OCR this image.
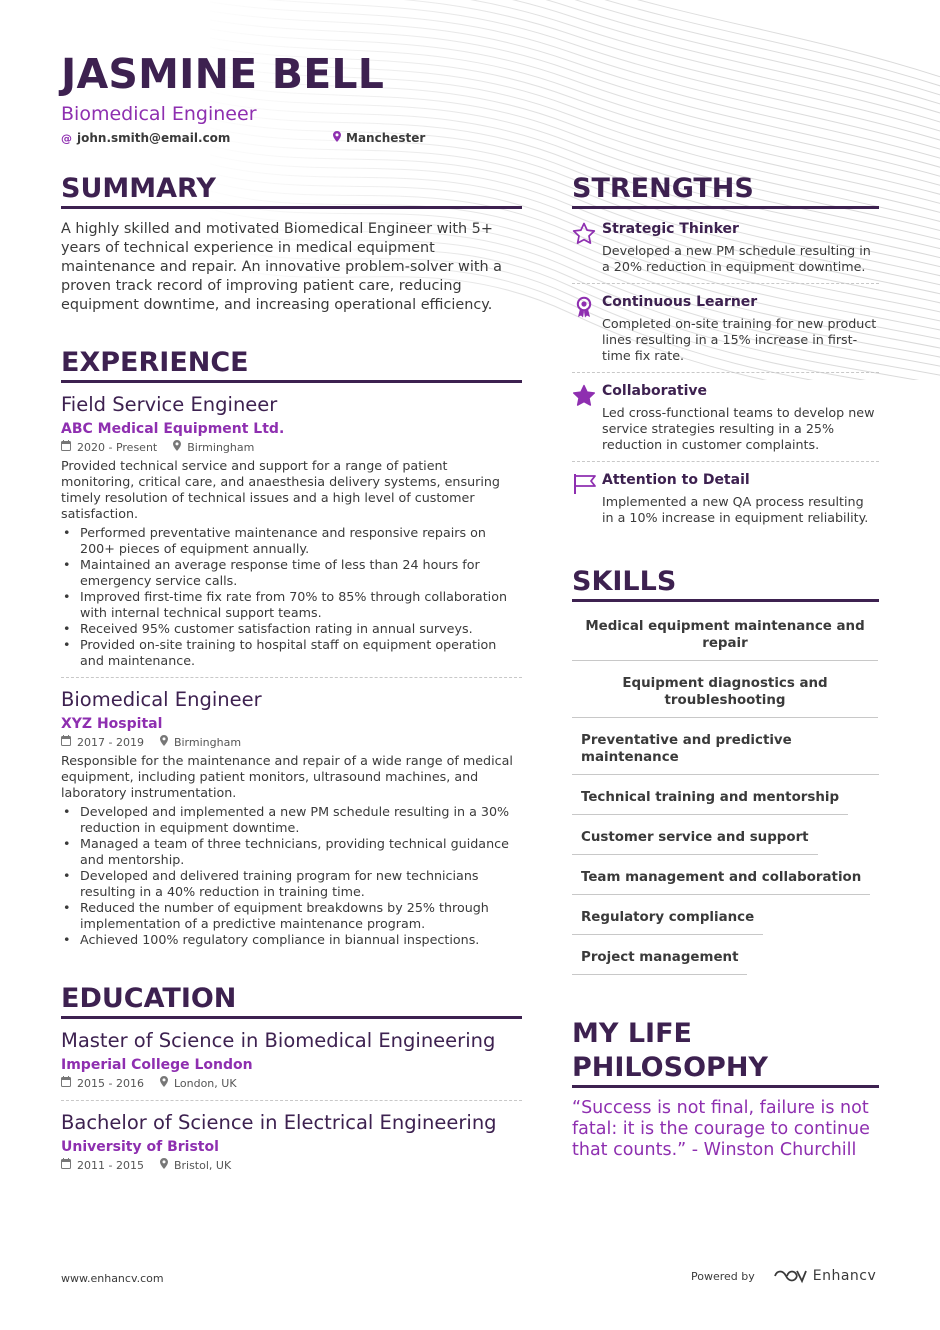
JASMINE BELL
Biomedical Engineer
@ john.smith@email.com	Manchester
SUMMARY
A highly skilled and motivated Biomedical Engineer with 5+ years of technical experience in medical equipment maintenance and repair. An innovative problem-solver with a proven track record of improving patient care, reducing equipment downtime, and increasing operational efficiency.
EXPERIENCE
Field Service Engineer
ABC Medical Equipment Ltd.
2020 - Present	Birmingham
Provided technical service and support for a range of patient monitoring, critical care, and anaesthesia delivery systems, ensuring timely resolution of technical issues and a high level of customer satisfaction.
• Performed preventative maintenance and responsive repairs on 200+ pieces of equipment annually.
• Maintained an average response time of less than 24 hours for emergency service calls.
• Improved first-time fix rate from 70% to 85% through collaboration with internal technical support teams.
• Received 95% customer satisfaction rating in annual surveys.
• Provided on-site training to hospital staff on equipment operation and maintenance.
Biomedical Engineer
XYZ Hospital
2017 - 2019	Birmingham
Responsible for the maintenance and repair of a wide range of medical equipment, including patient monitors, ultrasound machines, and laboratory instrumentation.
• Developed and implemented a new PM schedule resulting in a 30% reduction in equipment downtime.
• Managed a team of three technicians, providing technical guidance and mentorship.
• Developed and delivered training program for new technicians resulting in a 40% reduction in training time.
• Reduced the number of equipment breakdowns by 25% through implementation of a predictive maintenance program.
• Achieved 100% regulatory compliance in biannual inspections.
EDUCATION
Master of Science in Biomedical Engineering
Imperial College London
2015 - 2016	London, UK
Bachelor of Science in Electrical Engineering
University of Bristol
2011 - 2015	Bristol, UK
STRENGTHS
Strategic Thinker
Developed a new PM schedule resulting in a 20% reduction in equipment downtime.
Continuous Learner
Completed on-site training for new product lines resulting in a 15% increase in first-time fix rate.
Collaborative
Led cross-functional teams to develop new service strategies resulting in a 25% reduction in customer complaints.
Attention to Detail
Implemented a new QA process resulting in a 10% increase in equipment reliability.
SKILLS
Medical equipment maintenance and repair
Equipment diagnostics and troubleshooting
Preventative and predictive maintenance
Technical training and mentorship
Customer service and support
Team management and collaboration
Regulatory compliance
Project management
MY LIFE PHILOSOPHY
“Success is not final, failure is not fatal: it is the courage to continue that counts.” - Winston Churchill
www.enhancv.com	Powered by	Enhancv
